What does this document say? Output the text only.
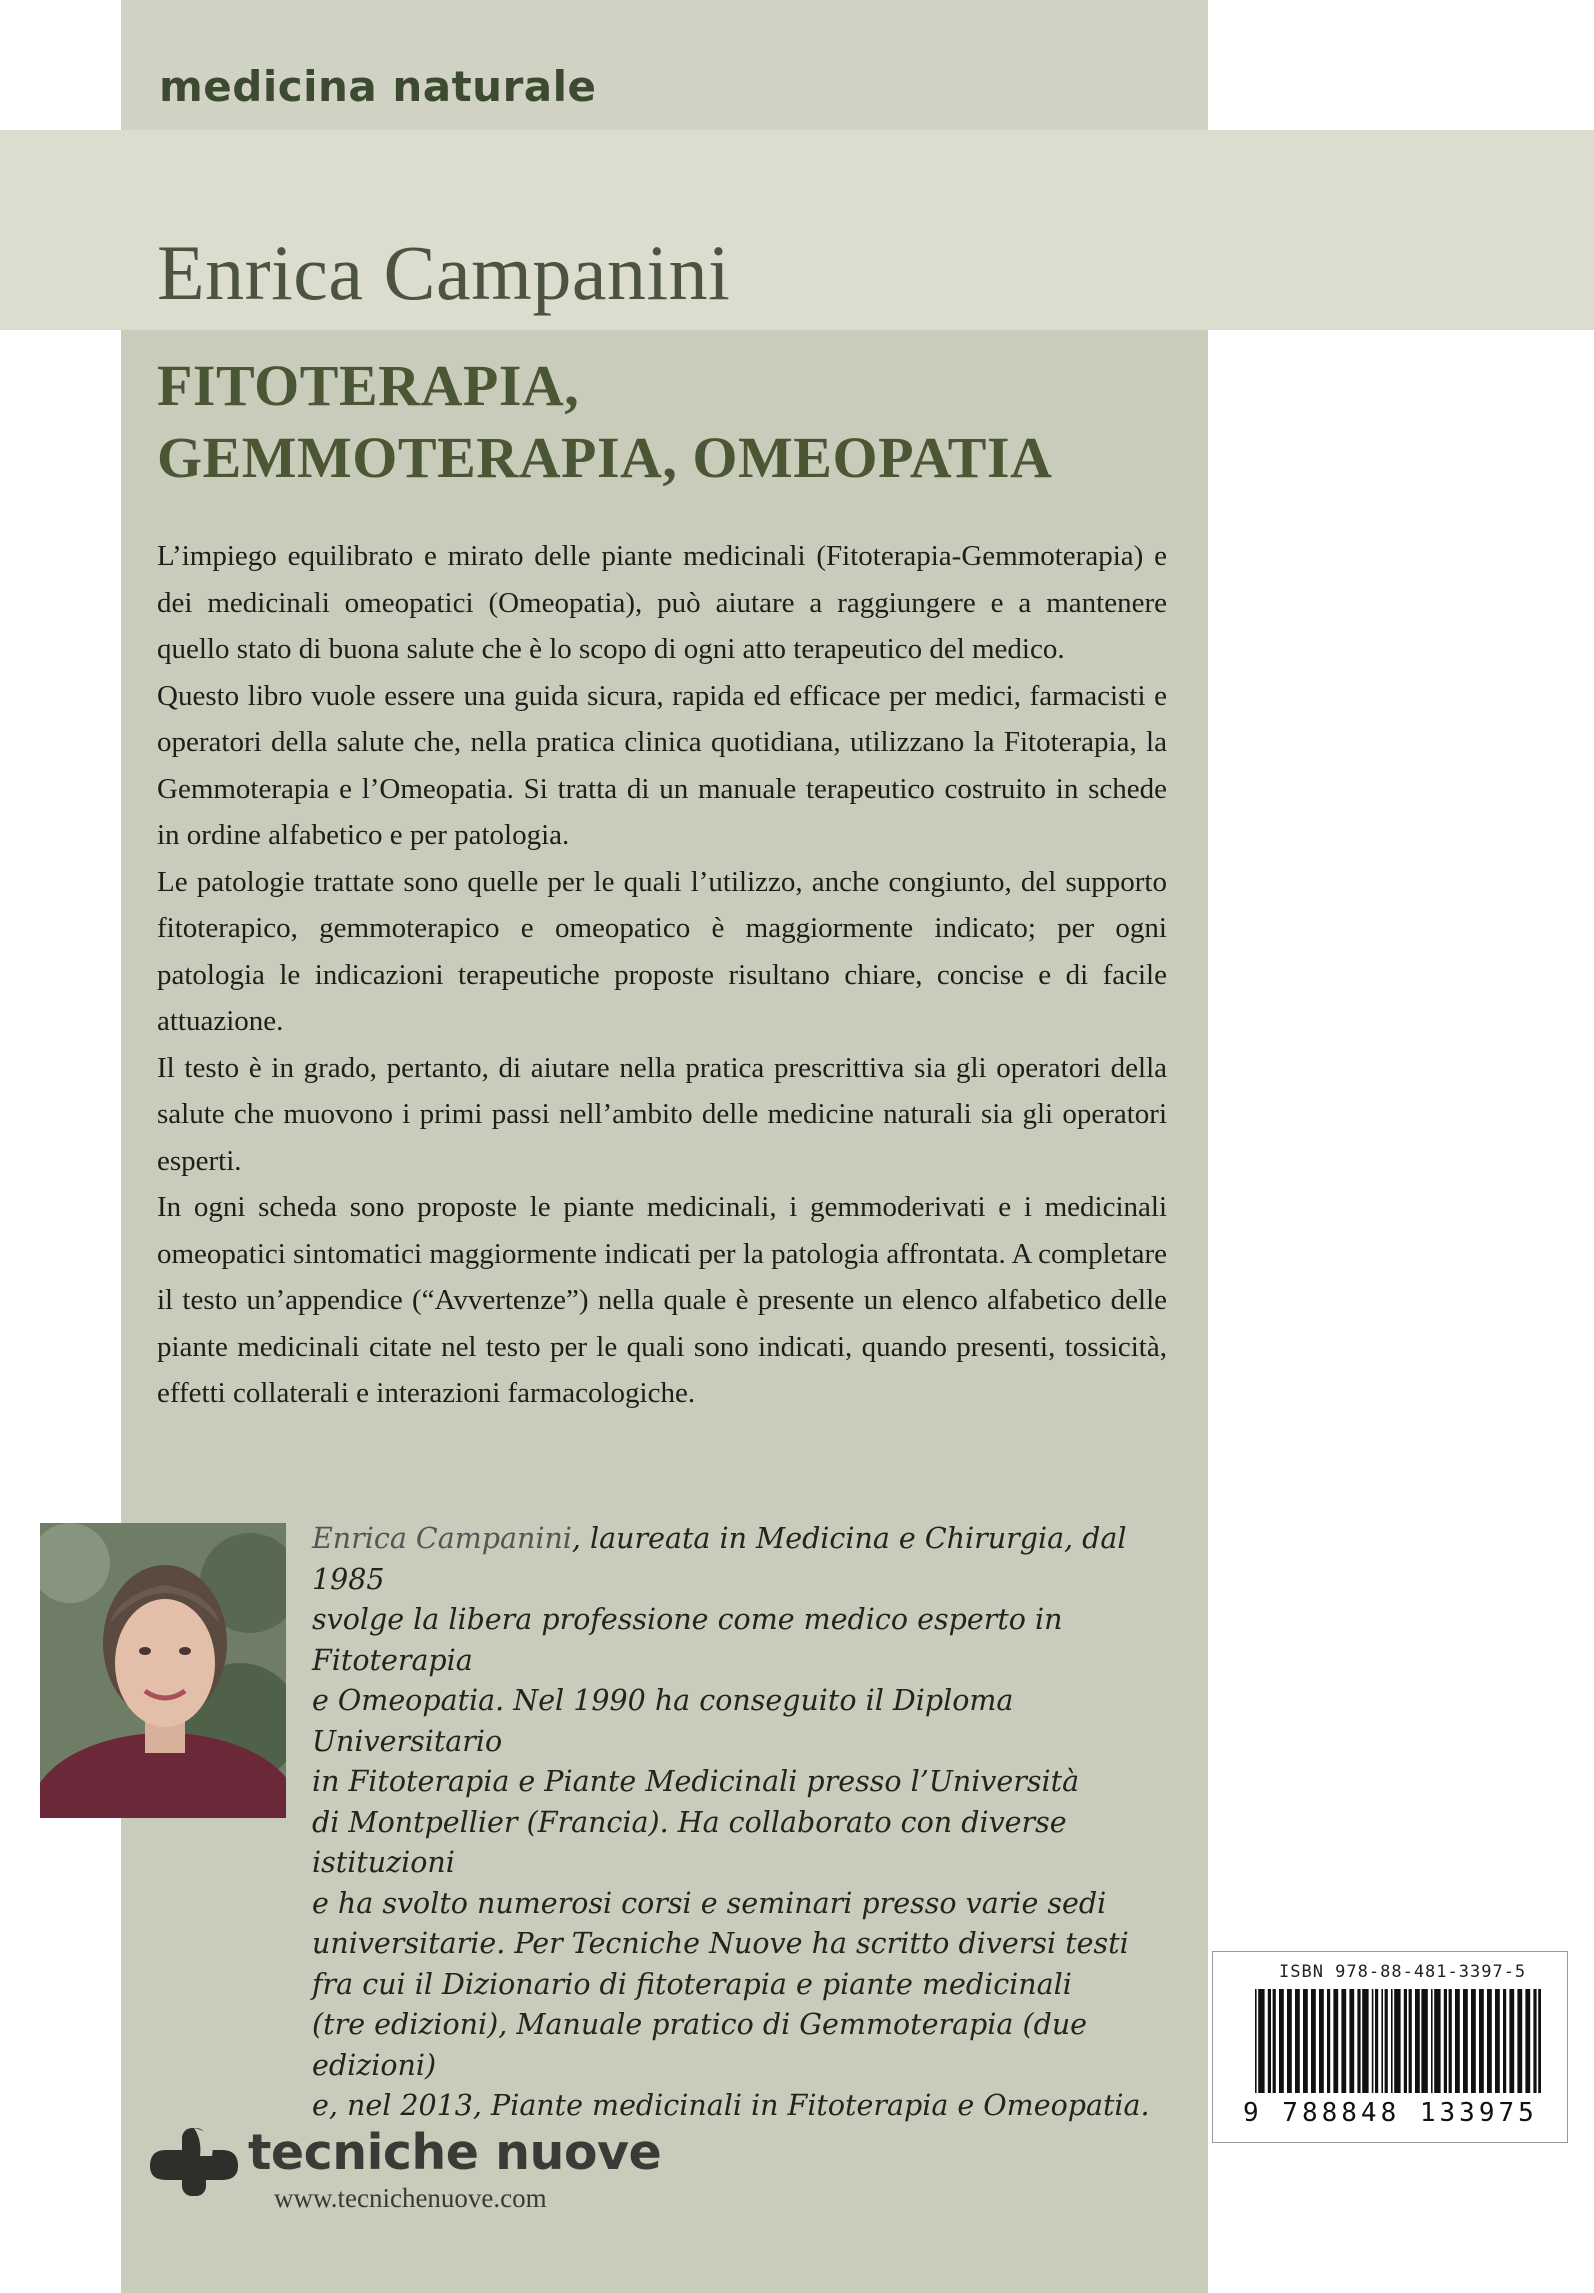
medicina naturale

Enrica Campanini
FITOTERAPIA,
GEMMOTERAPIA, OMEOPATIA

L’impiego equilibrato e mirato delle piante medicinali (Fitoterapia-Gemmoterapia) e dei medicinali omeopatici (Omeopatia), può aiutare a raggiungere e a mantenere quello stato di buona salute che è lo scopo di ogni atto terapeutico del medico.

Questo libro vuole essere una guida sicura, rapida ed efficace per medici, farmacisti e operatori della salute che, nella pratica clinica quotidiana, utilizzano la Fitoterapia, la Gemmoterapia e l’Omeopatia. Si tratta di un manuale terapeutico costruito in schede in ordine alfabetico e per patologia.

Le patologie trattate sono quelle per le quali l’utilizzo, anche congiunto, del supporto fitoterapico, gemmoterapico e omeopatico è maggiormente indicato; per ogni patologia le indicazioni terapeutiche proposte risultano chiare, concise e di facile attuazione.

Il testo è in grado, pertanto, di aiutare nella pratica prescrittiva sia gli operatori della salute che muovono i primi passi nell’ambito delle medicine naturali sia gli operatori esperti.

In ogni scheda sono proposte le piante medicinali, i gemmoderivati e i medicinali omeopatici sintomatici maggiormente indicati per la patologia affrontata. A completare il testo un’appendice (“Avvertenze”) nella quale è presente un elenco alfabetico delle piante medicinali citate nel testo per le quali sono indicati, quando presenti, tossicità, effetti collaterali e interazioni farmacologiche.

Enrica Campanini, laureata in Medicina e Chirurgia, dal 1985
svolge la libera professione come medico esperto in Fitoterapia
e Omeopatia. Nel 1990 ha conseguito il Diploma Universitario
in Fitoterapia e Piante Medicinali presso l’Università
di Montpellier (Francia). Ha collaborato con diverse istituzioni
e ha svolto numerosi corsi e seminari presso varie sedi
universitarie. Per Tecniche Nuove ha scritto diversi testi
fra cui il Dizionario di fitoterapia e piante medicinali
(tre edizioni), Manuale pratico di Gemmoterapia (due edizioni)
e, nel 2013, Piante medicinali in Fitoterapia e Omeopatia.

tecniche nuove

www.tecnichenuove.com

ISBN 978-88-481-3397-5

9 788848 133975
